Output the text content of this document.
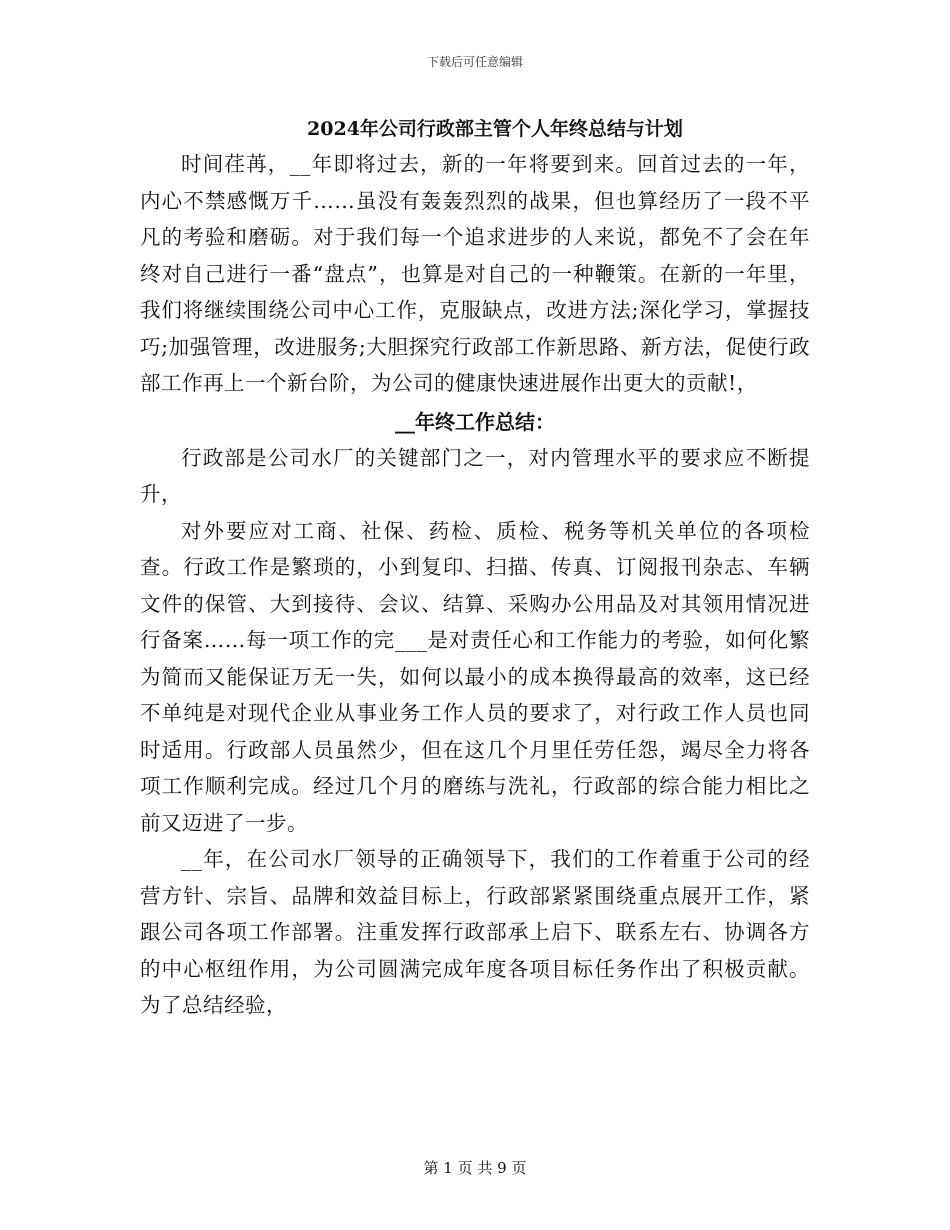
下载后可任意编辑
2024年公司行政部主管个人年终总结与计划

时间荏苒，__年即将过去，新的一年将要到来。回首过去的一年，内心不禁感慨万千……虽没有轰轰烈烈的战果，但也算经历了一段不平凡的考验和磨砺。对于我们每一个追求进步的人来说，都免不了会在年终对自己进行一番“盘点”，也算是对自己的一种鞭策。在新的一年里，我们将继续围绕公司中心工作，克服缺点，改进方法;深化学习，掌握技巧;加强管理，改进服务;大胆探究行政部工作新思路、新方法，促使行政部工作再上一个新台阶，为公司的健康快速进展作出更大的贡献!，

__年终工作总结：

行政部是公司水厂的关键部门之一，对内管理水平的要求应不断提升，

对外要应对工商、社保、药检、质检、税务等机关单位的各项检查。行政工作是繁琐的，小到复印、扫描、传真、订阅报刊杂志、车辆文件的保管、大到接待、会议、结算、采购办公用品及对其领用情况进行备案……每一项工作的完___是对责任心和工作能力的考验，如何化繁为简而又能保证万无一失，如何以最小的成本换得最高的效率，这已经不单纯是对现代企业从事业务工作人员的要求了，对行政工作人员也同时适用。行政部人员虽然少，但在这几个月里任劳任怨，竭尽全力将各项工作顺利完成。经过几个月的磨练与洗礼，行政部的综合能力相比之前又迈进了一步。

__年，在公司水厂领导的正确领导下，我们的工作着重于公司的经营方针、宗旨、品牌和效益目标上，行政部紧紧围绕重点展开工作，紧跟公司各项工作部署。注重发挥行政部承上启下、联系左右、协调各方的中心枢纽作用，为公司圆满完成年度各项目标任务作出了积极贡献。为了总结经验，

第 1 页 共 9 页
